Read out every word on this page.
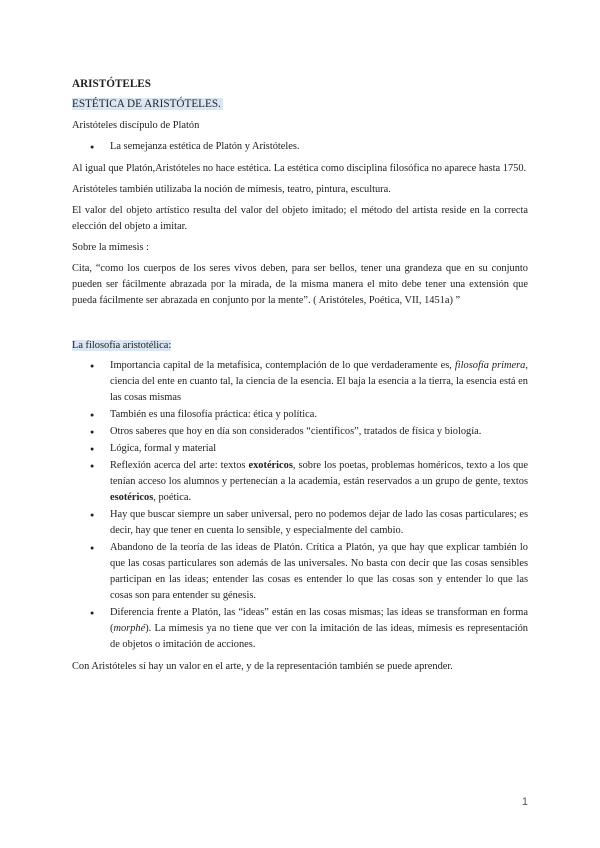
ARISTÓTELES
ESTÉTICA DE ARISTÓTELES.

Aristóteles discípulo de Platón

● La semejanza estética de Platón y Aristóteles.

Al igual que Platón,Aristóteles no hace estética. La estética como disciplina filosófica no aparece hasta 1750.

Aristóteles también utilizaba la noción de mímesis, teatro, pintura, escultura.

El valor del objeto artístico resulta del valor del objeto imitado; el método del artista reside en la correcta elección del objeto a imitar.

Sobre la mímesis :

Cita, “como los cuerpos de los seres vivos deben, para ser bellos, tener una grandeza que en su conjunto pueden ser fácilmente abrazada por la mirada, de la misma manera el mito debe tener una extensión que pueda fácilmente ser abrazada en conjunto por la mente”. ( Aristóteles, Poética, VII, 1451a) ”

La filosofía aristotélica:

● Importancia capital de la metafísica, contemplación de lo que verdaderamente es, filosofía primera, ciencia del ente en cuanto tal, la ciencia de la esencia. El baja la esencia a la tierra, la esencia está en las cosas mismas
● También es una filosofía práctica: ética y política.
● Otros saberes que hoy en día son considerados “científicos”, tratados de física y biología.
● Lógica, formal y material
● Reflexión acerca del arte: textos exotéricos, sobre los poetas, problemas homéricos, texto a los que tenían acceso los alumnos y pertenecían a la academia, están reservados a un grupo de gente, textos esotéricos, poética.
● Hay que buscar siempre un saber universal, pero no podemos dejar de lado las cosas particulares; es decir, hay que tener en cuenta lo sensible, y especialmente del cambio.
● Abandono de la teoría de las ideas de Platón. Crítica a Platón, ya que hay que explicar también lo que las cosas particulares son además de las universales. No basta con decir que las cosas sensibles participan en las ideas; entender las cosas es entender lo que las cosas son y entender lo que las cosas son para entender su génesis.
● Diferencia frente a Platón, las “ideas” están en las cosas mismas; las ideas se transforman en forma (morphé). La mímesis ya no tiene que ver con la imitación de las ideas, mímesis es representación de objetos o imitación de acciones.

Con Aristóteles sí hay un valor en el arte, y de la representación también se puede aprender.

1
